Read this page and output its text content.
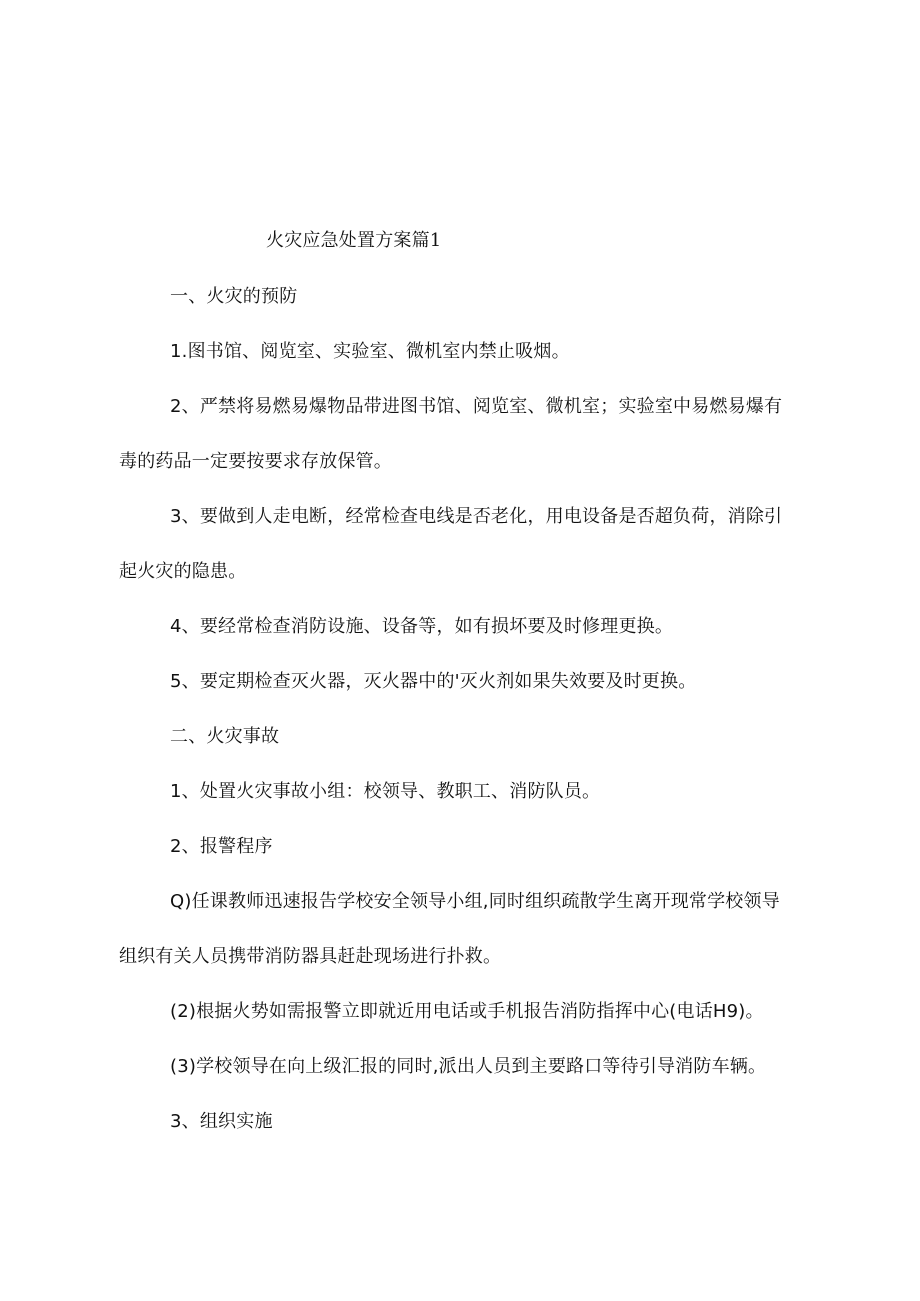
火灾应急处置方案篇1
一、火灾的预防
1.图书馆、阅览室、实验室、微机室内禁止吸烟。
2、严禁将易燃易爆物品带进图书馆、阅览室、微机室；实验室中易燃易爆有
毒的药品一定要按要求存放保管。
3、要做到人走电断，经常检查电线是否老化，用电设备是否超负荷，消除引
起火灾的隐患。
4、要经常检查消防设施、设备等，如有损坏要及时修理更换。
5、要定期检查灭火器，灭火器中的'灭火剂如果失效要及时更换。
二、火灾事故
1、处置火灾事故小组：校领导、教职工、消防队员。
2、报警程序
Q)任课教师迅速报告学校安全领导小组,同时组织疏散学生离开现常学校领导
组织有关人员携带消防器具赶赴现场进行扑救。
(2)根据火势如需报警立即就近用电话或手机报告消防指挥中心(电话H9)。
(3)学校领导在向上级汇报的同时,派出人员到主要路口等待引导消防车辆。
3、组织实施
